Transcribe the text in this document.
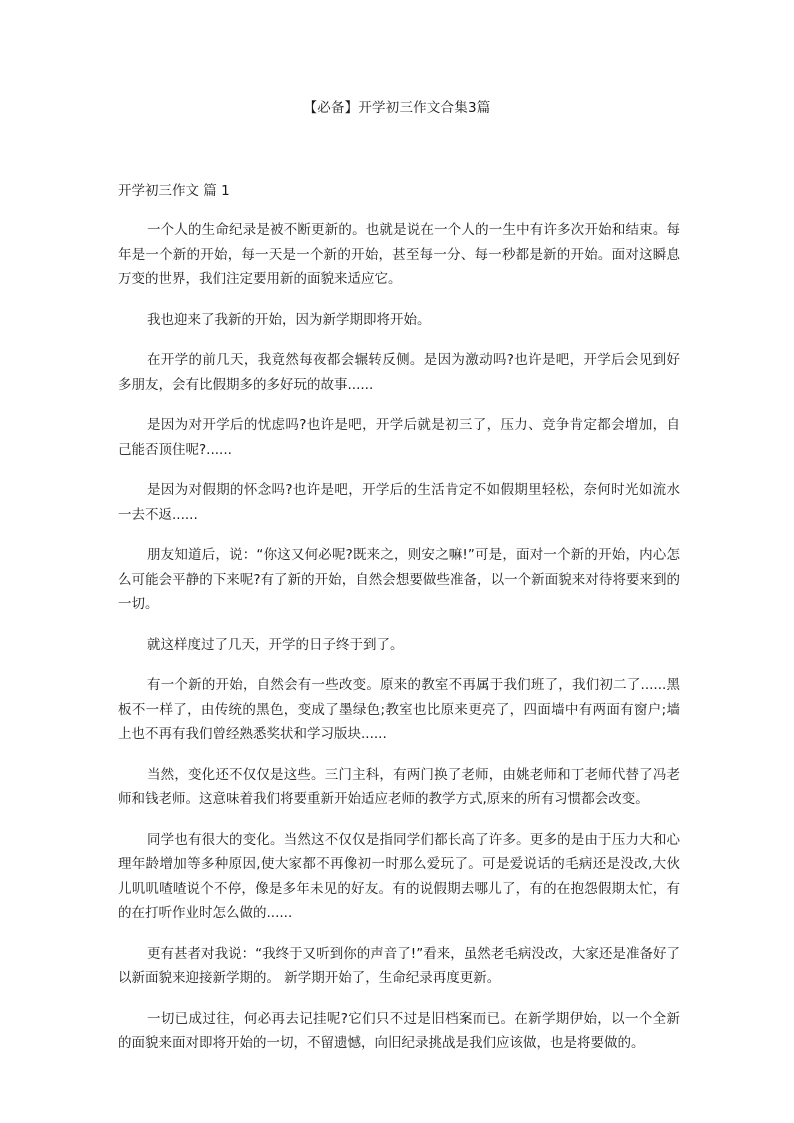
【必备】开学初三作文合集3篇
开学初三作文 篇 1

一个人的生命纪录是被不断更新的。也就是说在一个人的一生中有许多次开始和结束。每年是一个新的开始，每一天是一个新的开始，甚至每一分、每一秒都是新的开始。面对这瞬息万变的世界，我们注定要用新的面貌来适应它。

我也迎来了我新的开始，因为新学期即将开始。

在开学的前几天，我竟然每夜都会辗转反侧。是因为激动吗?也许是吧，开学后会见到好多朋友，会有比假期多的多好玩的故事......

是因为对开学后的忧虑吗?也许是吧，开学后就是初三了，压力、竞争肯定都会增加，自己能否顶住呢?......

是因为对假期的怀念吗?也许是吧，开学后的生活肯定不如假期里轻松，奈何时光如流水一去不返......

朋友知道后，说：“你这又何必呢?既来之，则安之嘛!”可是，面对一个新的开始，内心怎么可能会平静的下来呢?有了新的开始，自然会想要做些准备，以一个新面貌来对待将要来到的一切。

就这样度过了几天，开学的日子终于到了。

有一个新的开始，自然会有一些改变。原来的教室不再属于我们班了，我们初二了......黑板不一样了，由传统的黑色，变成了墨绿色;教室也比原来更亮了，四面墙中有两面有窗户;墙上也不再有我们曾经熟悉奖状和学习版块......

当然，变化还不仅仅是这些。三门主科，有两门换了老师，由姚老师和丁老师代替了冯老师和钱老师。这意味着我们将要重新开始适应老师的教学方式,原来的所有习惯都会改变。

同学也有很大的变化。当然这不仅仅是指同学们都长高了许多。更多的是由于压力大和心理年龄增加等多种原因,使大家都不再像初一时那么爱玩了。可是爱说话的毛病还是没改,大伙儿叽叽喳喳说个不停，像是多年未见的好友。有的说假期去哪儿了，有的在抱怨假期太忙，有的在打听作业时怎么做的......

更有甚者对我说：“我终于又听到你的声音了!”看来，虽然老毛病没改，大家还是准备好了以新面貌来迎接新学期的。 新学期开始了，生命纪录再度更新。

一切已成过往，何必再去记挂呢?它们只不过是旧档案而已。在新学期伊始，以一个全新的面貌来面对即将开始的一切，不留遗憾，向旧纪录挑战是我们应该做，也是将要做的。
